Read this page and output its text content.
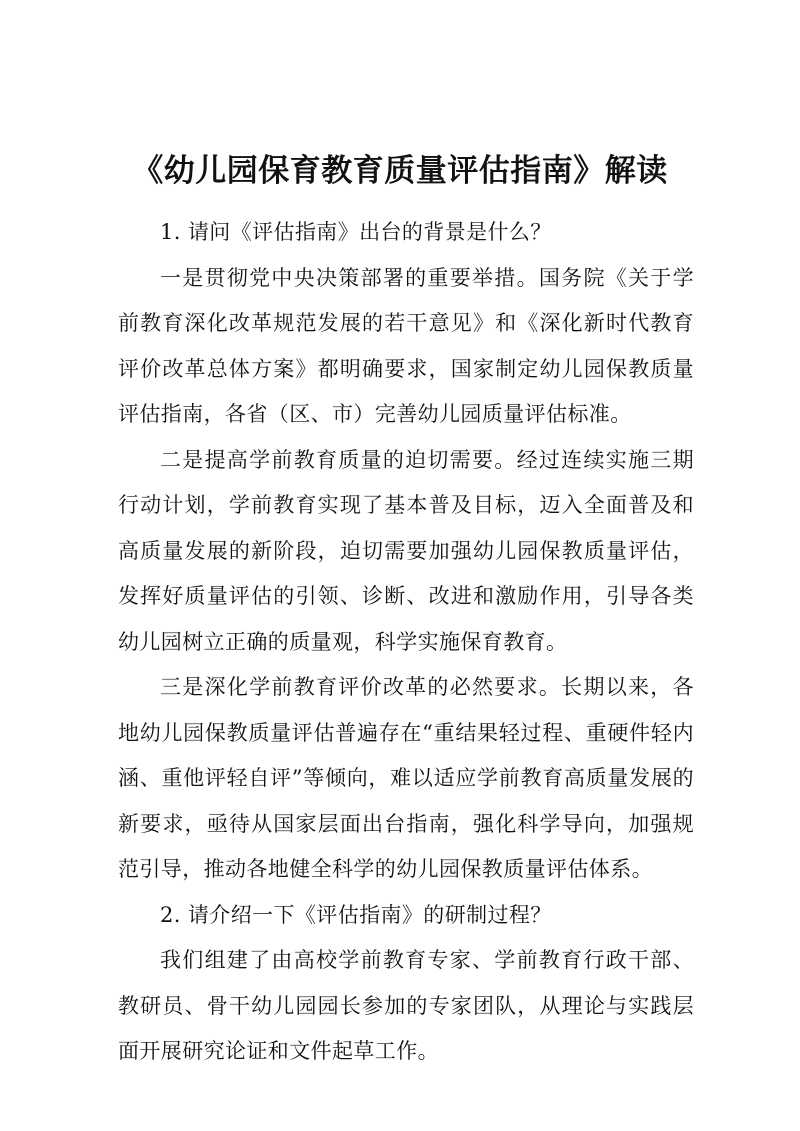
《幼儿园保育教育质量评估指南》解读

1. 请问《评估指南》出台的背景是什么？

一是贯彻党中央决策部署的重要举措。国务院《关于学前教育深化改革规范发展的若干意见》和《深化新时代教育评价改革总体方案》都明确要求，国家制定幼儿园保教质量评估指南，各省（区、市）完善幼儿园质量评估标准。

二是提高学前教育质量的迫切需要。经过连续实施三期行动计划，学前教育实现了基本普及目标，迈入全面普及和高质量发展的新阶段，迫切需要加强幼儿园保教质量评估，发挥好质量评估的引领、诊断、改进和激励作用，引导各类幼儿园树立正确的质量观，科学实施保育教育。

三是深化学前教育评价改革的必然要求。长期以来，各地幼儿园保教质量评估普遍存在“重结果轻过程、重硬件轻内涵、重他评轻自评”等倾向，难以适应学前教育高质量发展的新要求，亟待从国家层面出台指南，强化科学导向，加强规范引导，推动各地健全科学的幼儿园保教质量评估体系。

2. 请介绍一下《评估指南》的研制过程？

我们组建了由高校学前教育专家、学前教育行政干部、教研员、骨干幼儿园园长参加的专家团队，从理论与实践层面开展研究论证和文件起草工作。
